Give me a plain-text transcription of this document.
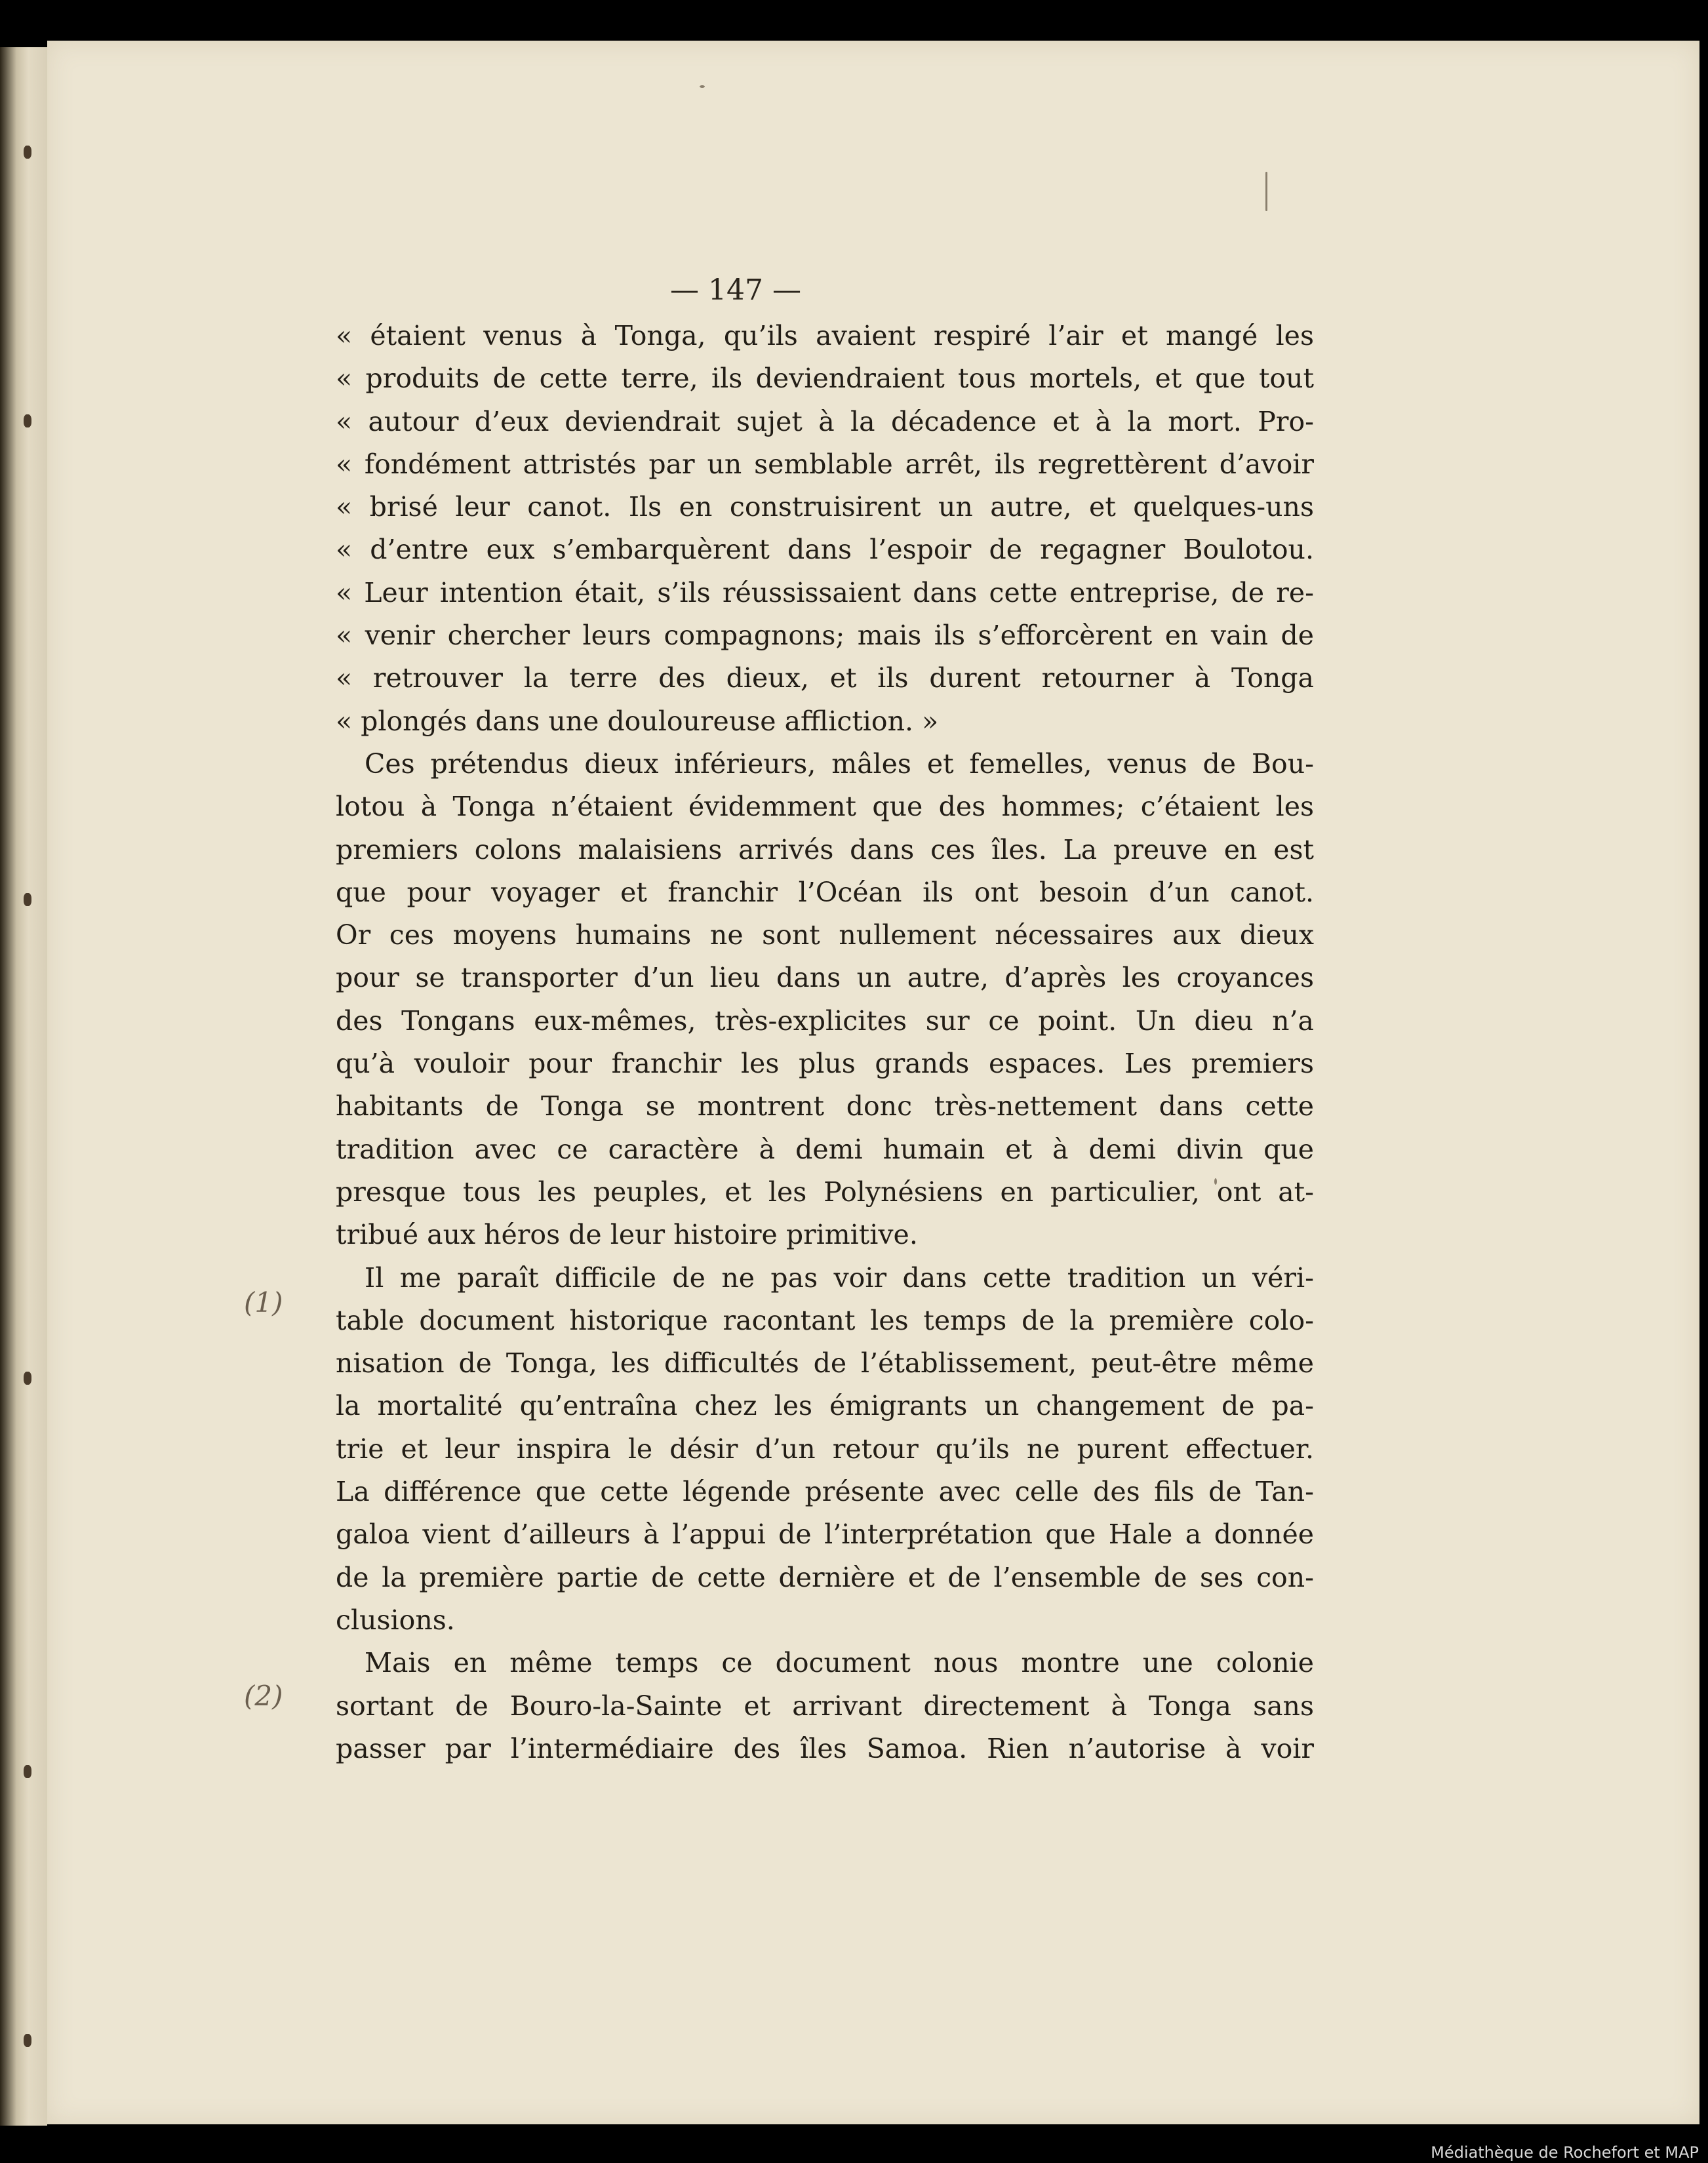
— 147 —
(1)
(2)
« étaient venus à Tonga, qu’ils avaient respiré l’air et mangé les
« produits de cette terre, ils deviendraient tous mortels, et que tout
« autour d’eux deviendrait sujet à la décadence et à la mort. Pro-
« fondément attristés par un semblable arrêt, ils regrettèrent d’avoir
« brisé leur canot. Ils en construisirent un autre, et quelques-uns
« d’entre eux s’embarquèrent dans l’espoir de regagner Boulotou.
« Leur intention était, s’ils réussissaient dans cette entreprise, de re-
« venir chercher leurs compagnons; mais ils s’efforcèrent en vain de
« retrouver la terre des dieux, et ils durent retourner à Tonga
« plongés dans une douloureuse affliction. »
Ces prétendus dieux inférieurs, mâles et femelles, venus de Bou-
lotou à Tonga n’étaient évidemment que des hommes; c’étaient les
premiers colons malaisiens arrivés dans ces îles. La preuve en est
que pour voyager et franchir l’Océan ils ont besoin d’un canot.
Or ces moyens humains ne sont nullement nécessaires aux dieux
pour se transporter d’un lieu dans un autre, d’après les croyances
des Tongans eux-mêmes, très-explicites sur ce point. Un dieu n’a
qu’à vouloir pour franchir les plus grands espaces. Les premiers
habitants de Tonga se montrent donc très-nettement dans cette
tradition avec ce caractère à demi humain et à demi divin que
presque tous les peuples, et les Polynésiens en particulier, ont at-
tribué aux héros de leur histoire primitive.
Il me paraît difficile de ne pas voir dans cette tradition un véri-
table document historique racontant les temps de la première colo-
nisation de Tonga, les difficultés de l’établissement, peut-être même
la mortalité qu’entraîna chez les émigrants un changement de pa-
trie et leur inspira le désir d’un retour qu’ils ne purent effectuer.
La différence que cette légende présente avec celle des fils de Tan-
galoa vient d’ailleurs à l’appui de l’interprétation que Hale a donnée
de la première partie de cette dernière et de l’ensemble de ses con-
clusions.
Mais en même temps ce document nous montre une colonie
sortant de Bouro-la-Sainte et arrivant directement à Tonga sans
passer par l’intermédiaire des îles Samoa. Rien n’autorise à voir
Médiathèque de Rochefort et MAP
